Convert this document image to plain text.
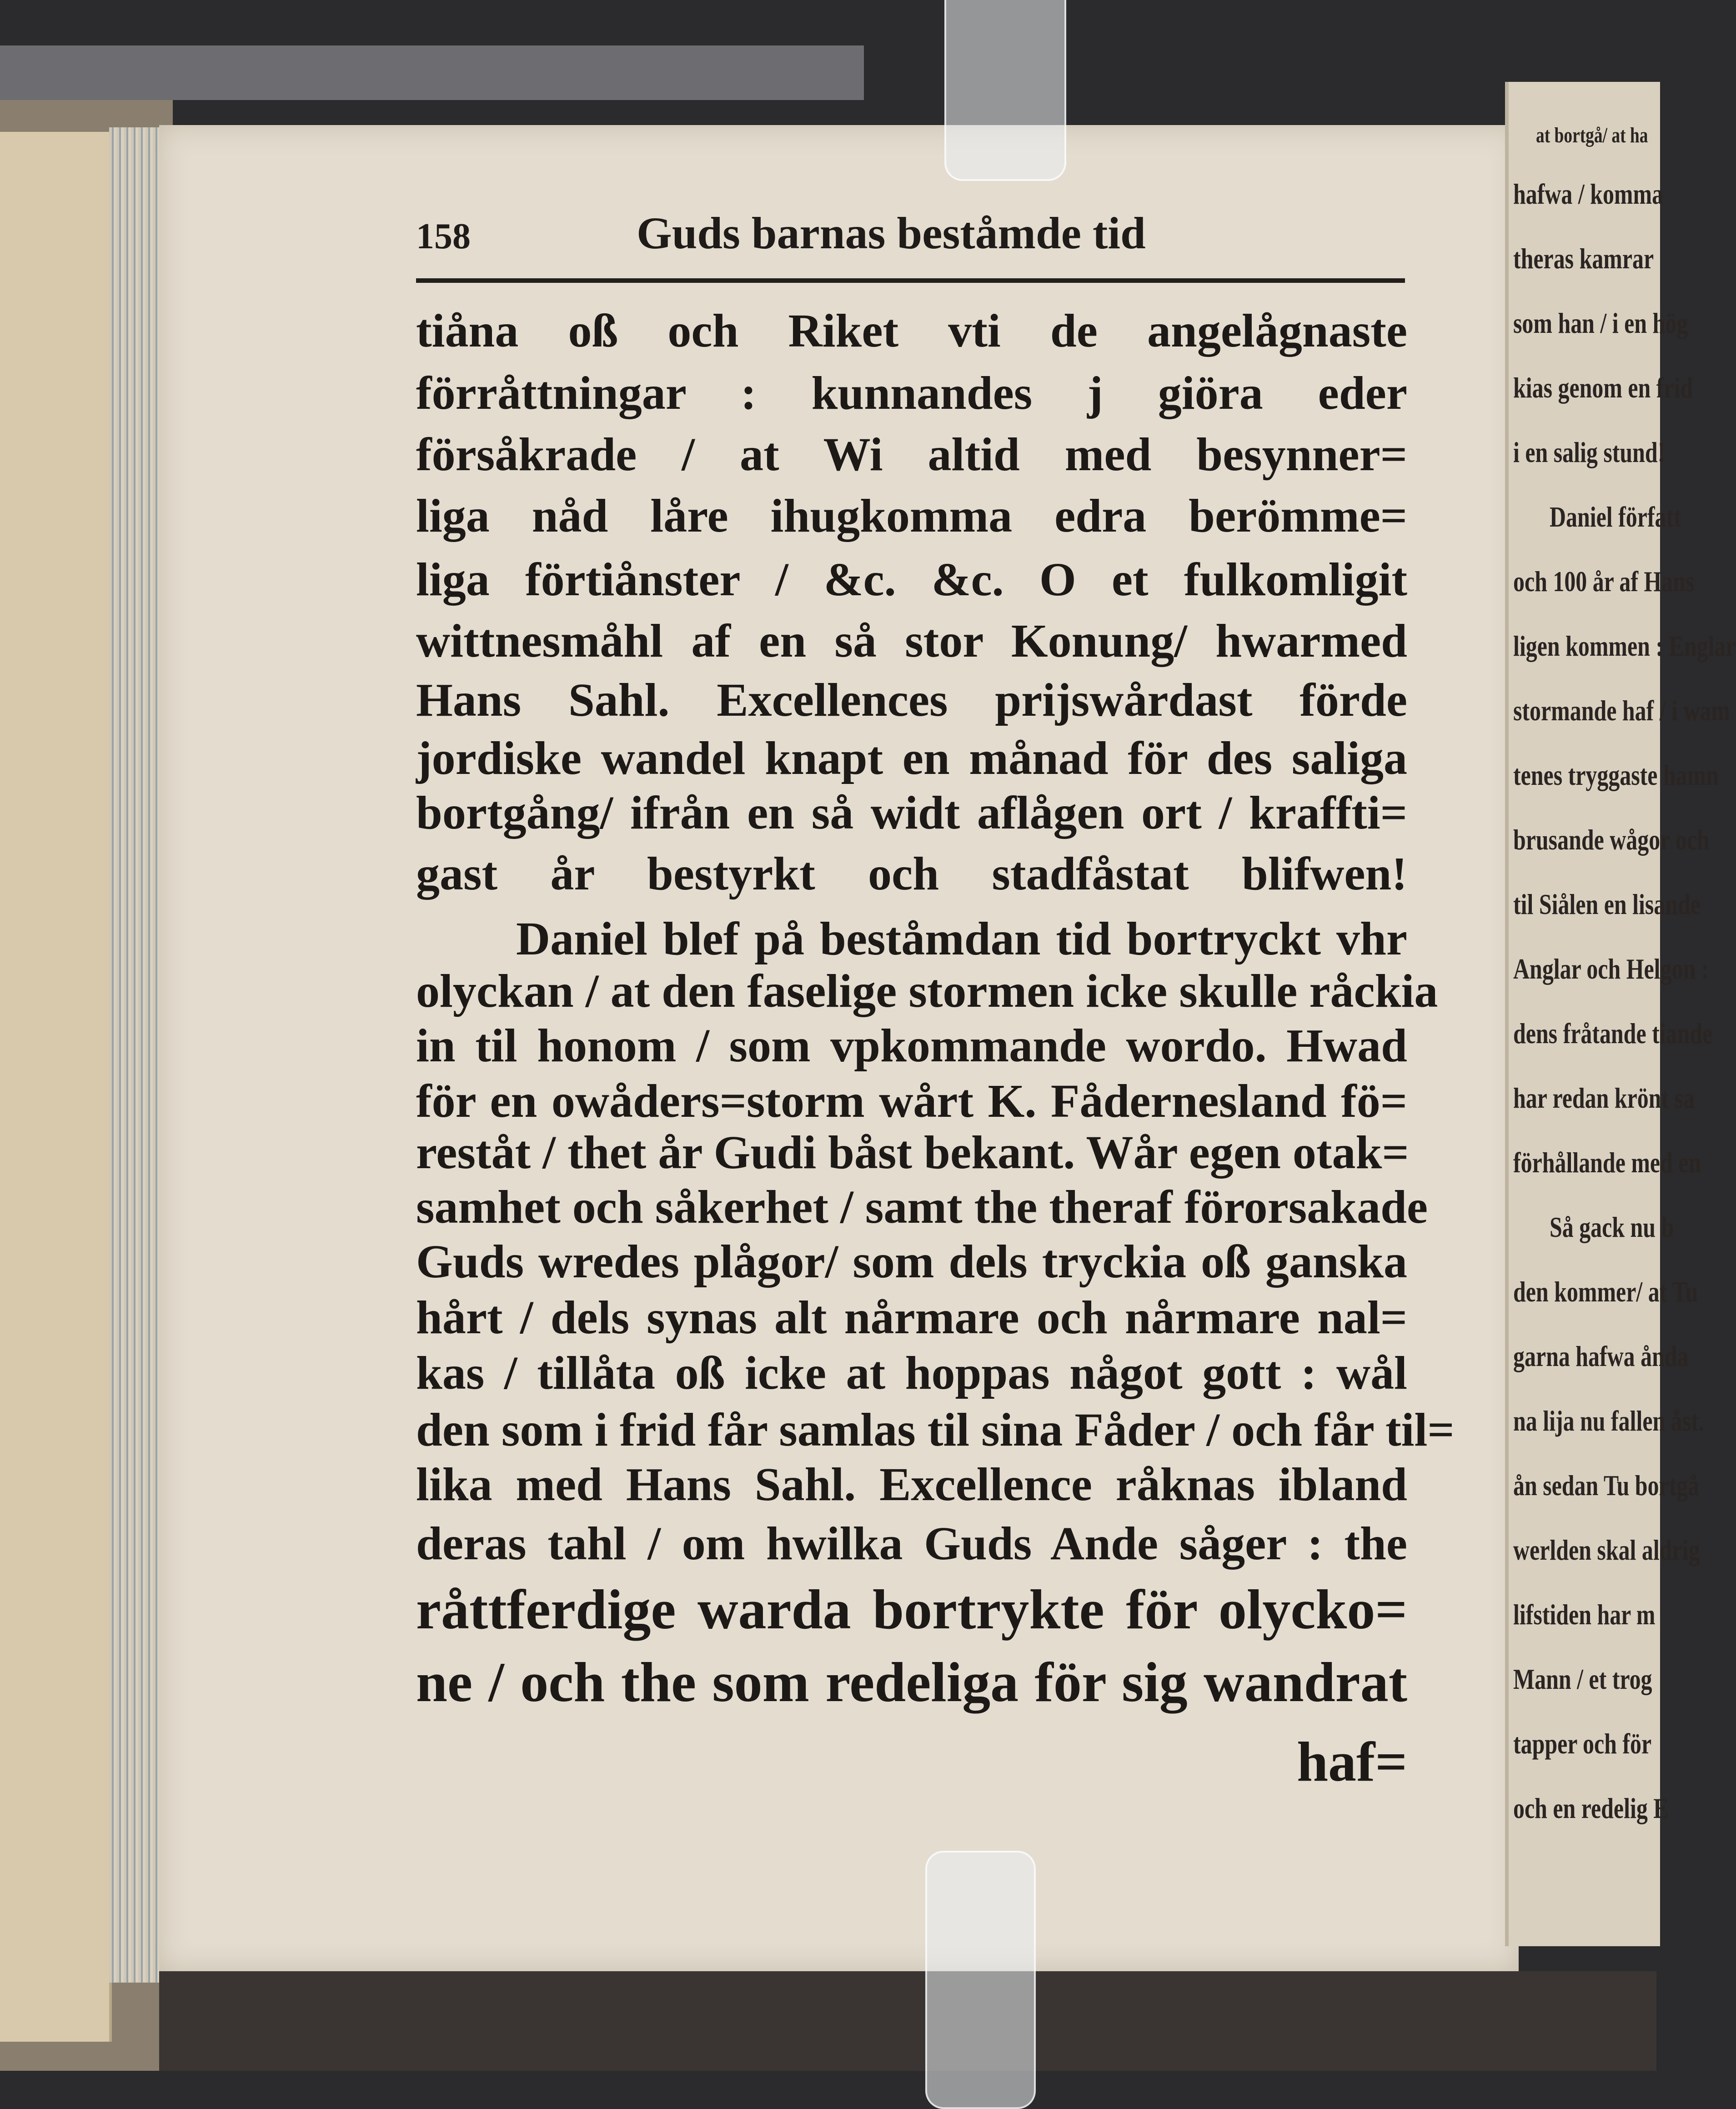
at bortgå/ at ha
hafwa / komma
theras kamrar
som han / i en hög
kias genom en frid
i en salig stund!
Daniel författ
och 100 år af Hans
ligen kommen : Englar
stormande haf / i wam
tenes tryggaste hamn
brusande wågor och
til Siålen en lisande
Anglar och Helgon :
dens fråtande tiande
har redan krönt sa
förhållande med en
Så gack nu b
den kommer/ at Tu
garna hafwa ånda
na lija nu fallen åst.
ån sedan Tu bortgå
werlden skal aldrig
lifstiden har m
Mann / et trog
tapper och för
och en redelig E
158	Guds barnas beståmde tid
tiåna oß och Riket vti de angelågnaste
förråttningar : kunnandes j giöra eder
försåkrade / at Wi altid med besynner=
liga nåd låre ihugkomma edra berömme=
liga förtiånster / &c. &c. O et fulkomligit
wittnesmåhl af en så stor Konung/ hwarmed
Hans Sahl. Excellences prijswårdast förde
jordiske wandel knapt en månad för des saliga
bortgång/ ifrån en så widt aflågen ort / kraffti=
gast år bestyrkt och stadfåstat blifwen!
Daniel blef på beståmdan tid bortryckt vhr
olyckan / at den faselige stormen icke skulle råckia
in til honom / som vpkommande wordo. Hwad
för en owåders=storm wårt K. Fådernesland fö=
reståt / thet år Gudi båst bekant. Wår egen otak=
samhet och såkerhet / samt the theraf förorsakade
Guds wredes plågor/ som dels tryckia oß ganska
hårt / dels synas alt nårmare och nårmare nal=
kas / tillåta oß icke at hoppas något gott : wål
den som i frid får samlas til sina Fåder / och får til=
lika med Hans Sahl. Excellence råknas ibland
deras tahl / om hwilka Guds Ande såger : the
råttferdige warda bortrykte för olycko=
ne / och the som redeliga för sig wandrat
haf=
